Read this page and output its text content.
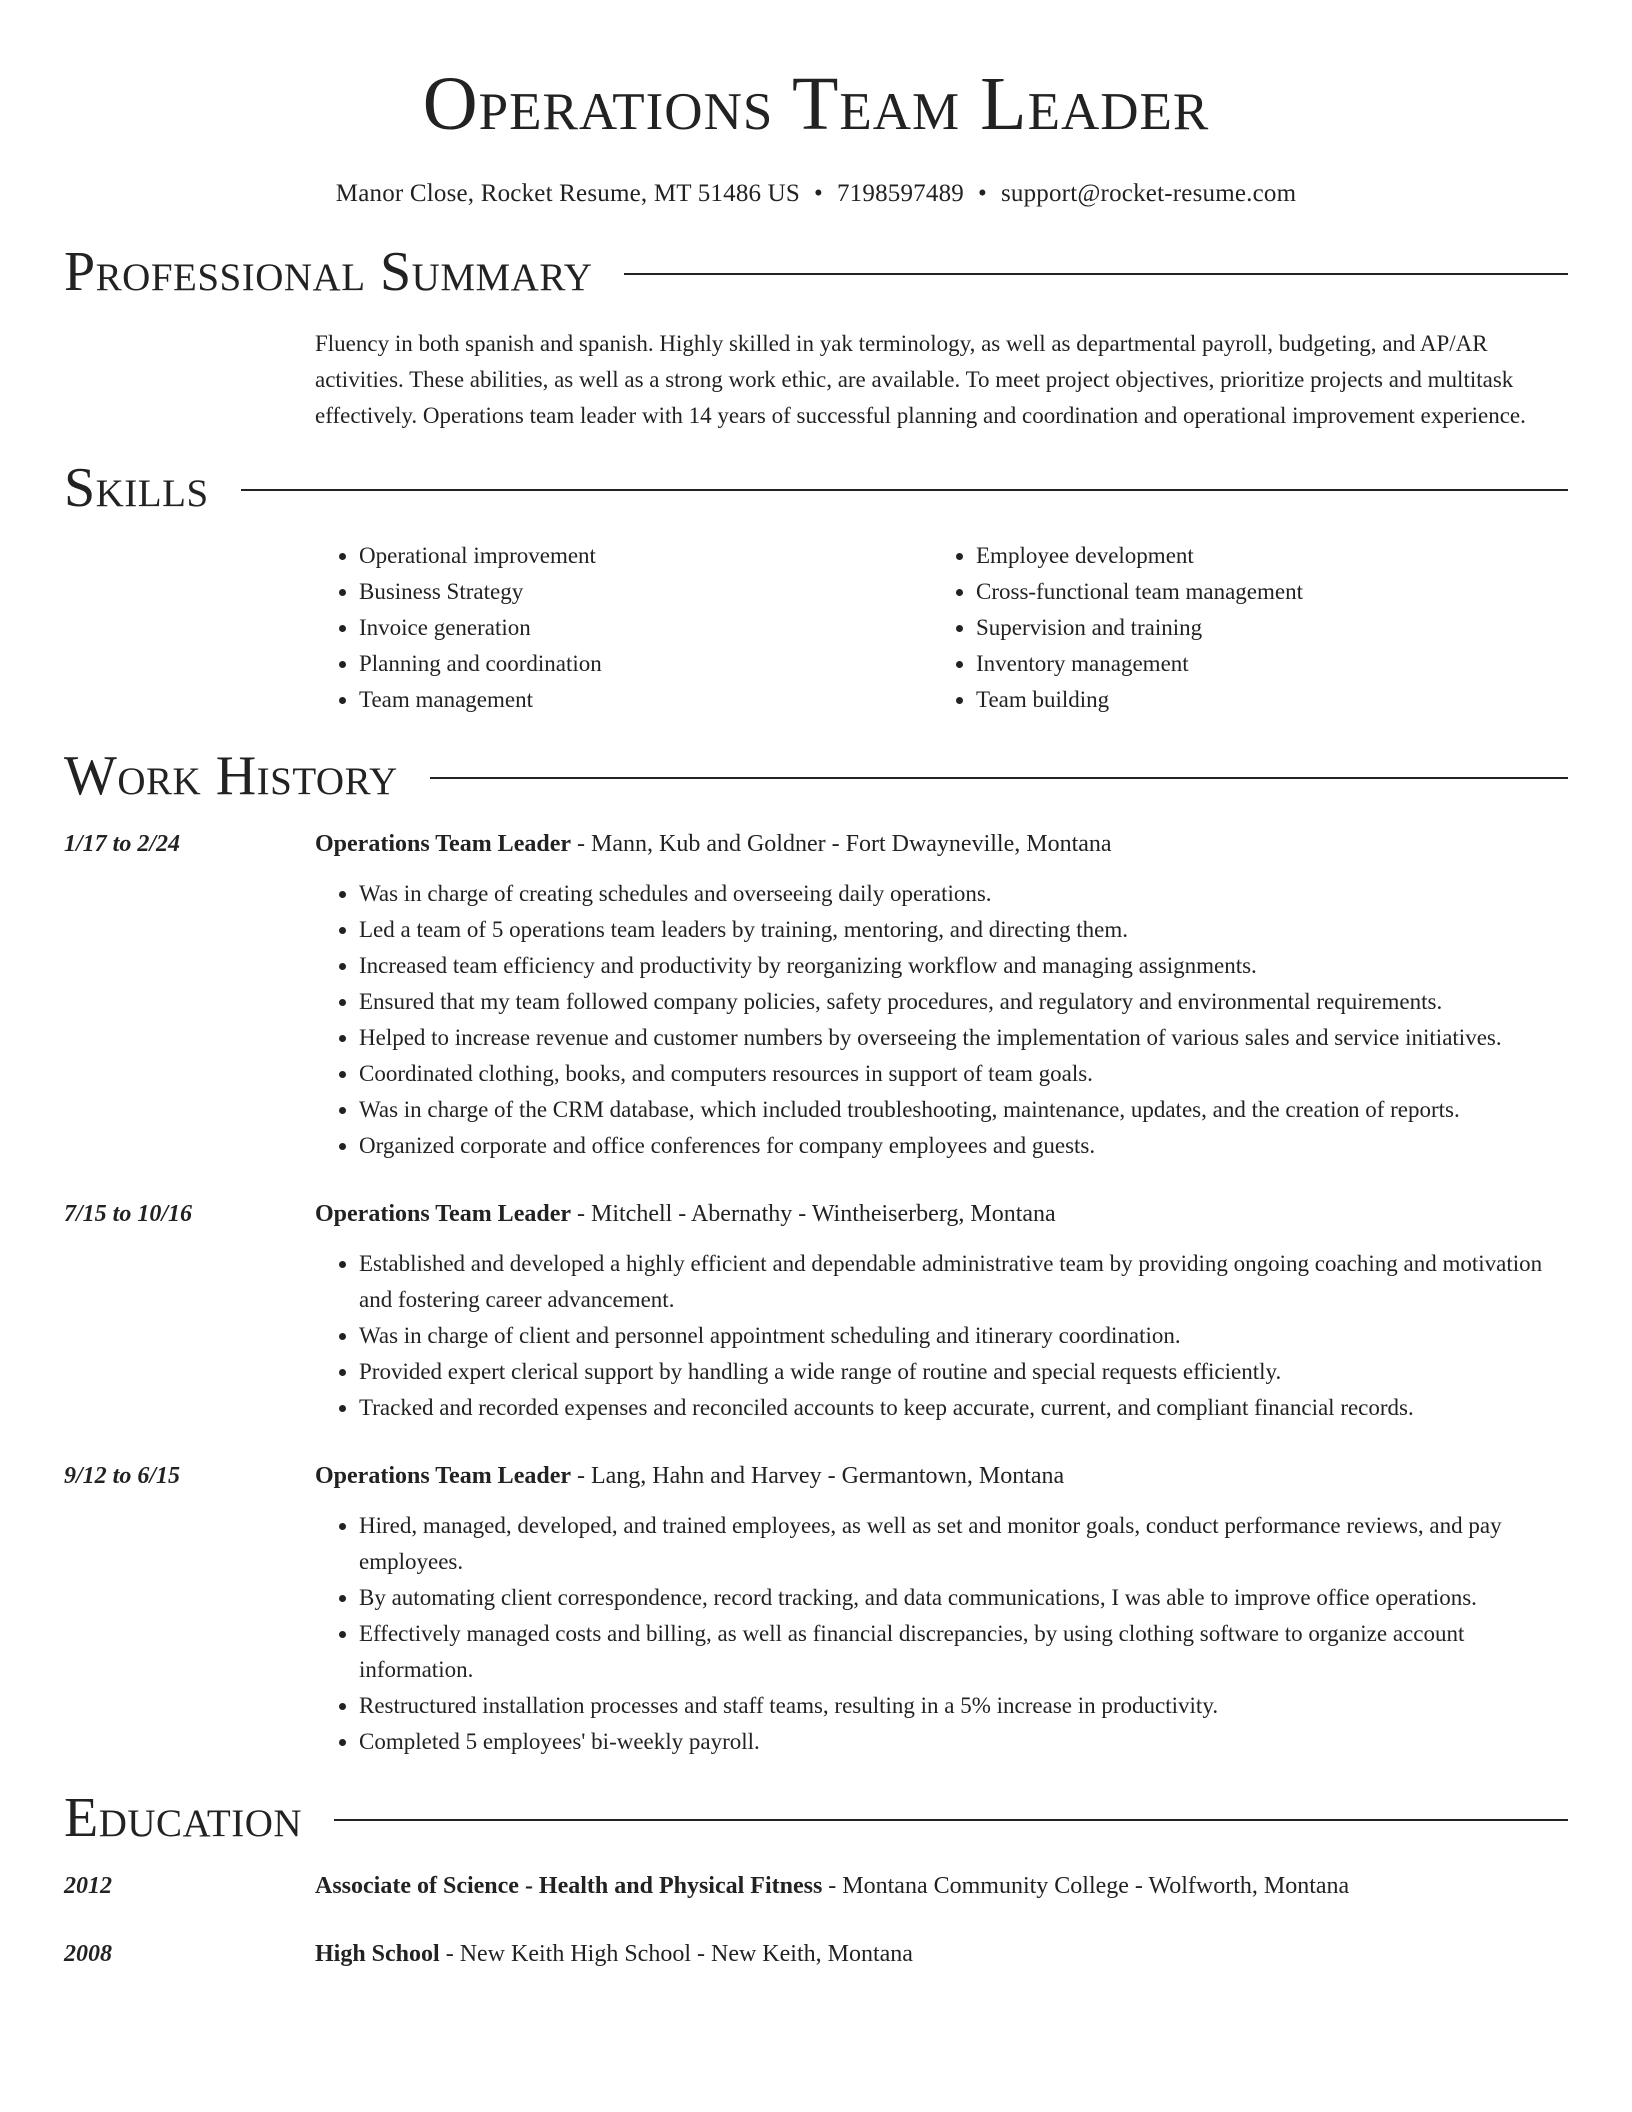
Operations Team Leader
Manor Close, Rocket Resume, MT 51486 US • 7198597489 • support@rocket-resume.com
Professional Summary
Fluency in both spanish and spanish. Highly skilled in yak terminology, as well as departmental payroll, budgeting, and AP/AR activities. These abilities, as well as a strong work ethic, are available. To meet project objectives, prioritize projects and multitask effectively. Operations team leader with 14 years of successful planning and coordination and operational improvement experience.
Skills
• Operational improvement
• Business Strategy
• Invoice generation
• Planning and coordination
• Team management
• Employee development
• Cross-functional team management
• Supervision and training
• Inventory management
• Team building
Work History
1/17 to 2/24	Operations Team Leader - Mann, Kub and Goldner - Fort Dwayneville, Montana
• Was in charge of creating schedules and overseeing daily operations.
• Led a team of 5 operations team leaders by training, mentoring, and directing them.
• Increased team efficiency and productivity by reorganizing workflow and managing assignments.
• Ensured that my team followed company policies, safety procedures, and regulatory and environmental requirements.
• Helped to increase revenue and customer numbers by overseeing the implementation of various sales and service initiatives.
• Coordinated clothing, books, and computers resources in support of team goals.
• Was in charge of the CRM database, which included troubleshooting, maintenance, updates, and the creation of reports.
• Organized corporate and office conferences for company employees and guests.
7/15 to 10/16	Operations Team Leader - Mitchell - Abernathy - Wintheiserberg, Montana
• Established and developed a highly efficient and dependable administrative team by providing ongoing coaching and motivation and fostering career advancement.
• Was in charge of client and personnel appointment scheduling and itinerary coordination.
• Provided expert clerical support by handling a wide range of routine and special requests efficiently.
• Tracked and recorded expenses and reconciled accounts to keep accurate, current, and compliant financial records.
9/12 to 6/15	Operations Team Leader - Lang, Hahn and Harvey - Germantown, Montana
• Hired, managed, developed, and trained employees, as well as set and monitor goals, conduct performance reviews, and pay employees.
• By automating client correspondence, record tracking, and data communications, I was able to improve office operations.
• Effectively managed costs and billing, as well as financial discrepancies, by using clothing software to organize account information.
• Restructured installation processes and staff teams, resulting in a 5% increase in productivity.
• Completed 5 employees' bi-weekly payroll.
Education
2012	Associate of Science - Health and Physical Fitness - Montana Community College - Wolfworth, Montana
2008	High School - New Keith High School - New Keith, Montana
